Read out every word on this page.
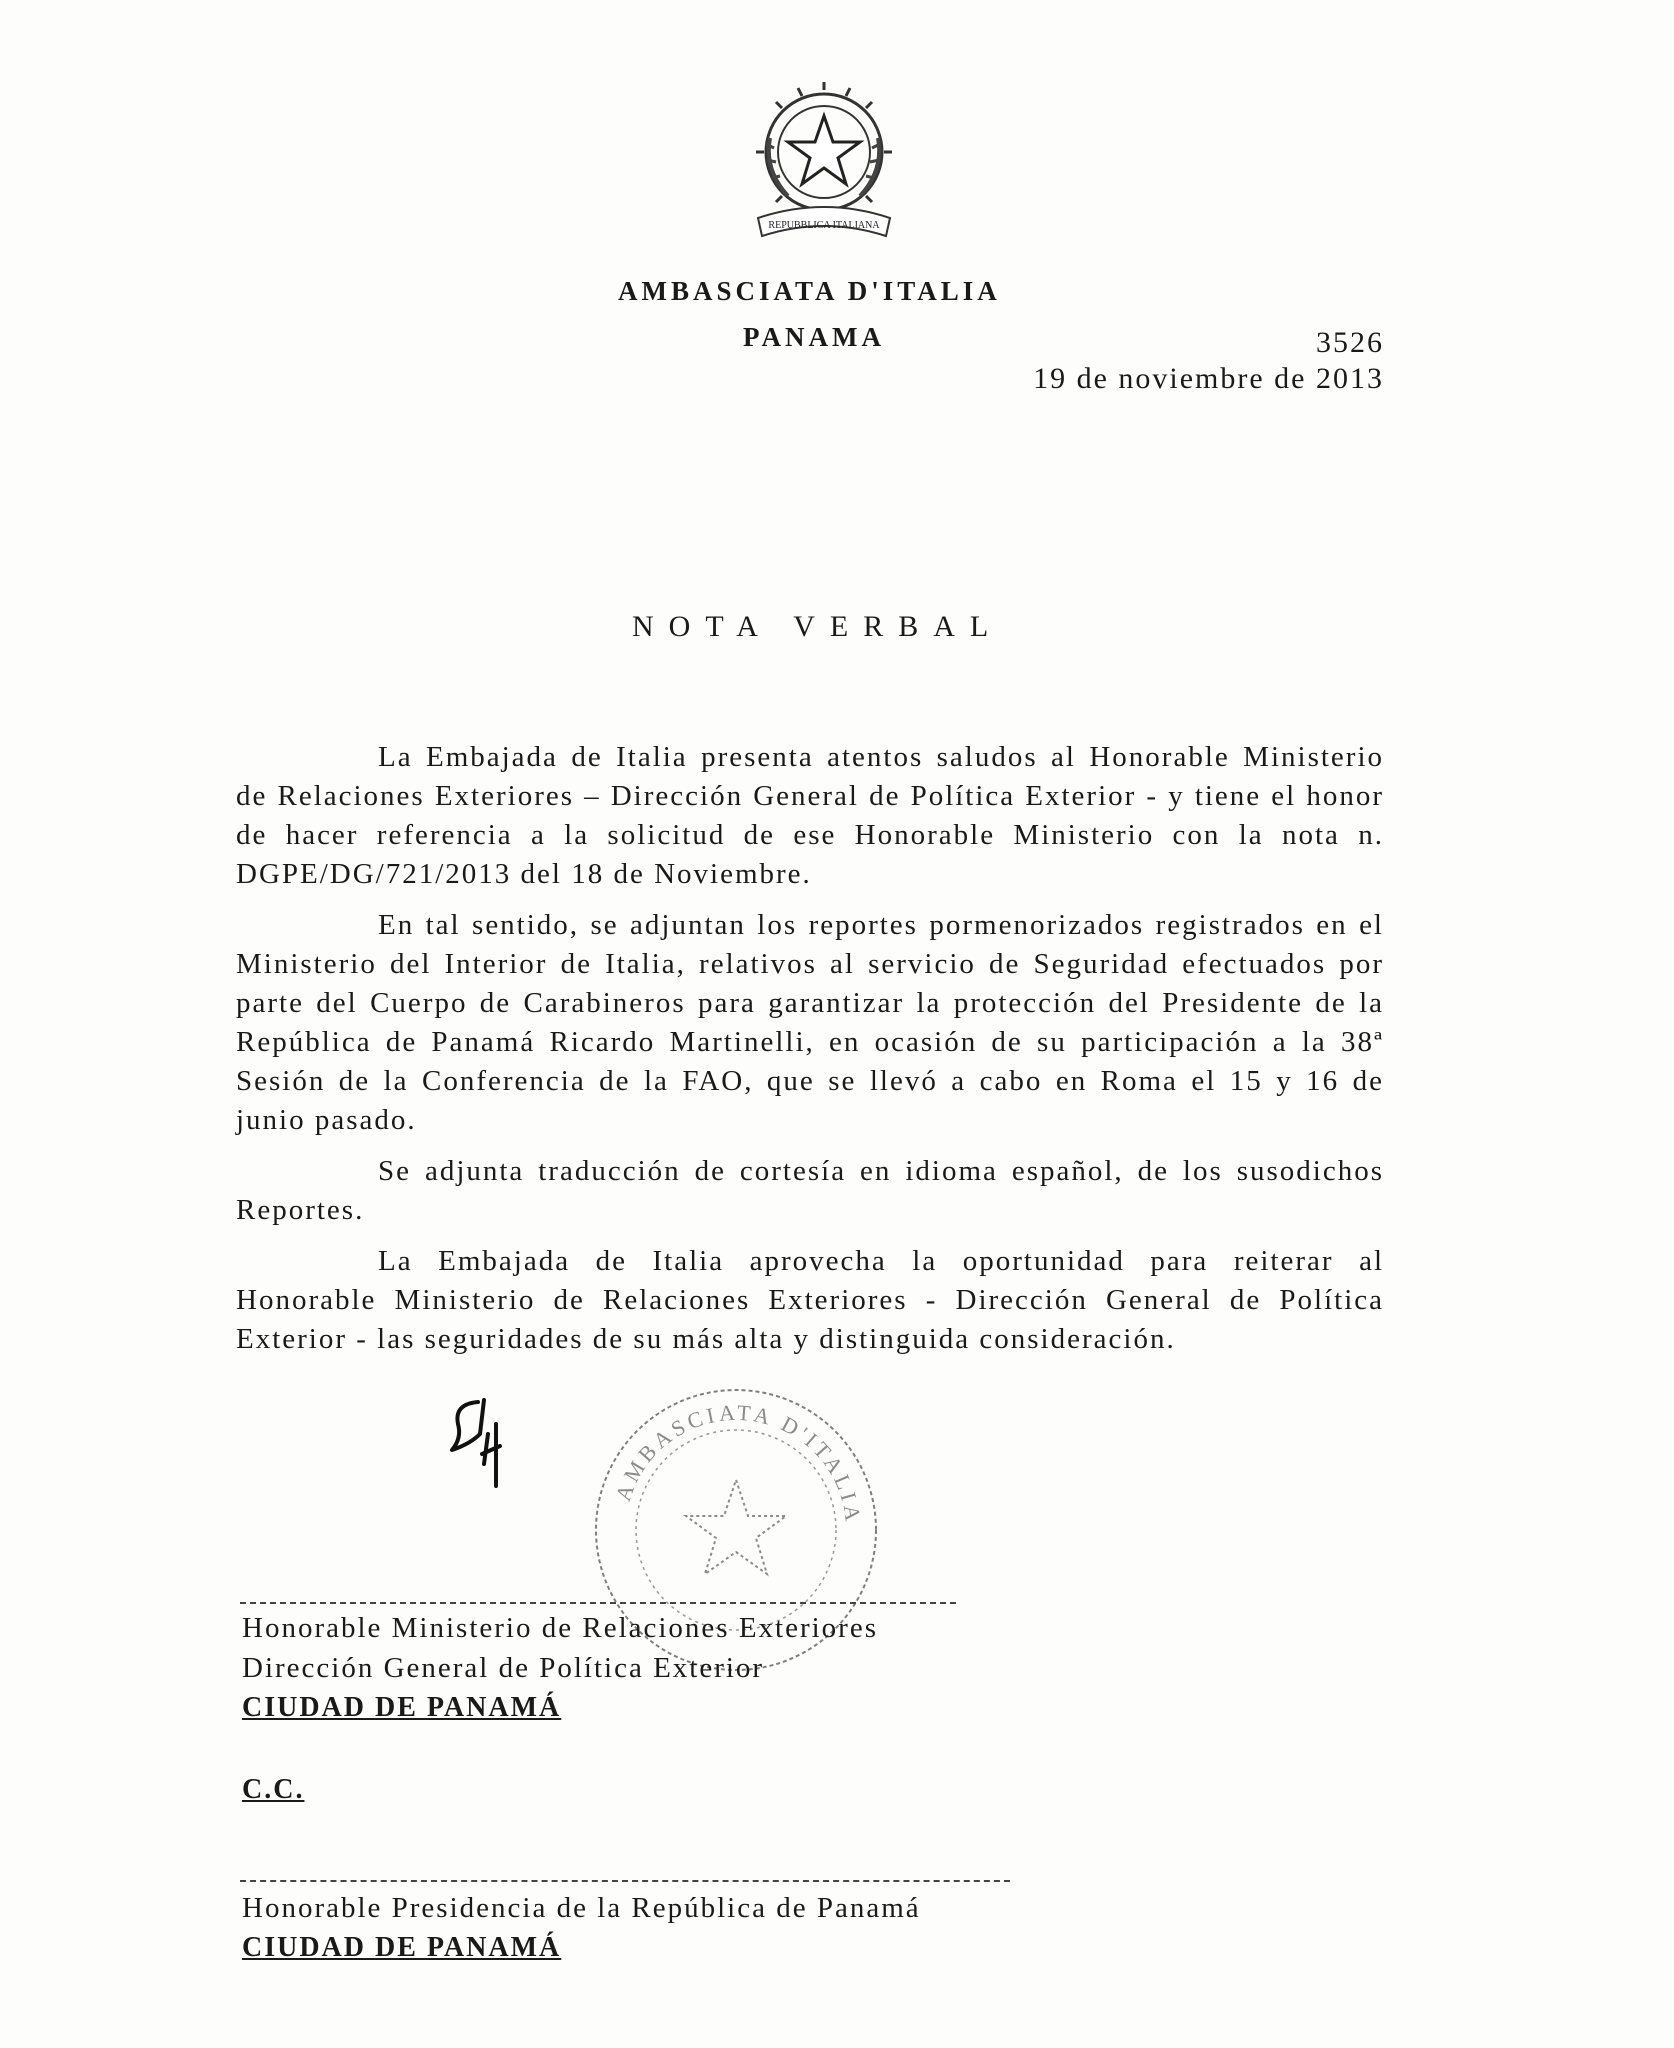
REPUBBLICA ITALIANA
AMBASCIATA D'ITALIA
PANAMA	3526
19 de noviembre de 2013
NOTA VERBAL

La Embajada de Italia presenta atentos saludos al Honorable Ministerio de Relaciones Exteriores – Dirección General de Política Exterior - y tiene el honor de hacer referencia a la solicitud de ese Honorable Ministerio con la nota n. DGPE/DG/721/2013 del 18 de Noviembre.

En tal sentido, se adjuntan los reportes pormenorizados registrados en el Ministerio del Interior de Italia, relativos al servicio de Seguridad efectuados por parte del Cuerpo de Carabineros para garantizar la protección del Presidente de la República de Panamá Ricardo Martinelli, en ocasión de su participación a la 38ª Sesión de la Conferencia de la FAO, que se llevó a cabo en Roma el 15 y 16 de junio pasado.

Se adjunta traducción de cortesía en idioma español, de los susodichos Reportes.

La Embajada de Italia aprovecha la oportunidad para reiterar al Honorable Ministerio de Relaciones Exteriores - Dirección General de Política Exterior - las seguridades de su más alta y distinguida consideración.

AMBASCIATA D'ITALIA
Honorable Ministerio de Relaciones Exteriores
Dirección General de Política Exterior
CIUDAD DE PANAMÁ
C.C.
Honorable Presidencia de la República de Panamá
CIUDAD DE PANAMÁ
